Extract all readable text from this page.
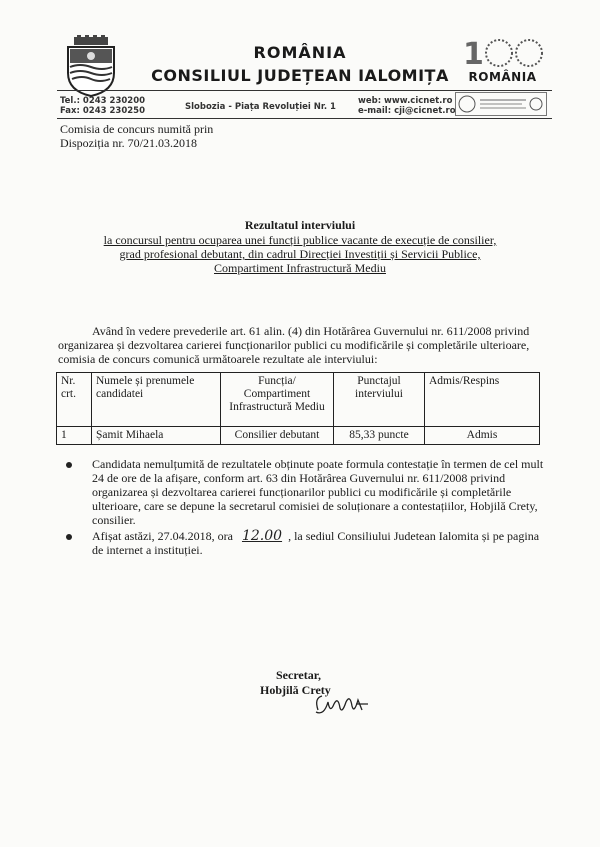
ROMÂNIA
CONSILIUL JUDEȚEAN IALOMIȚA
1
ROMÂNIA
Tel.: 0243 230200
Fax: 0243 230250	Slobozia - Piața Revoluției Nr. 1
web: www.cicnet.ro
e-mail: cji@cicnet.ro
Comisia de concurs numită prin
Dispoziția nr. 70/21.03.2018
Rezultatul interviului
la concursul pentru ocuparea unei funcții publice vacante de execuție de consilier,
grad profesional debutant, din cadrul Direcției Investiții și Servicii Publice,
Compartiment Infrastructură Mediu
Având în vedere prevederile art. 61 alin. (4) din Hotărârea Guvernului nr. 611/2008 privind
organizarea și dezvoltarea carierei funcționarilor publici cu modificările și completările ulterioare,
comisia de concurs comunică următoarele rezultate ale interviului:
Nr. crt.	Numele și prenumele candidatei	Funcția/ Compartiment Infrastructură Mediu	Punctajul interviului	Admis/Respins
1	Șamit Mihaela	Consilier debutant	85,33 puncte	Admis
Candidata nemulțumită de rezultatele obținute poate formula contestație în termen de cel mult
24 de ore de la afișare, conform art. 63 din Hotărârea Guvernului nr. 611/2008 privind
organizarea și dezvoltarea carierei funcționarilor publici cu modificările și completările
ulterioare, care se depune la secretarul comisiei de soluționare a contestațiilor, Hobjilă Crety,
consilier.
Afișat astăzi, 27.04.2018, ora 12.00 , la sediul Consiliului Judetean Ialomita și pe pagina
de internet a instituției.
Secretar,
Hobjilă Crety
